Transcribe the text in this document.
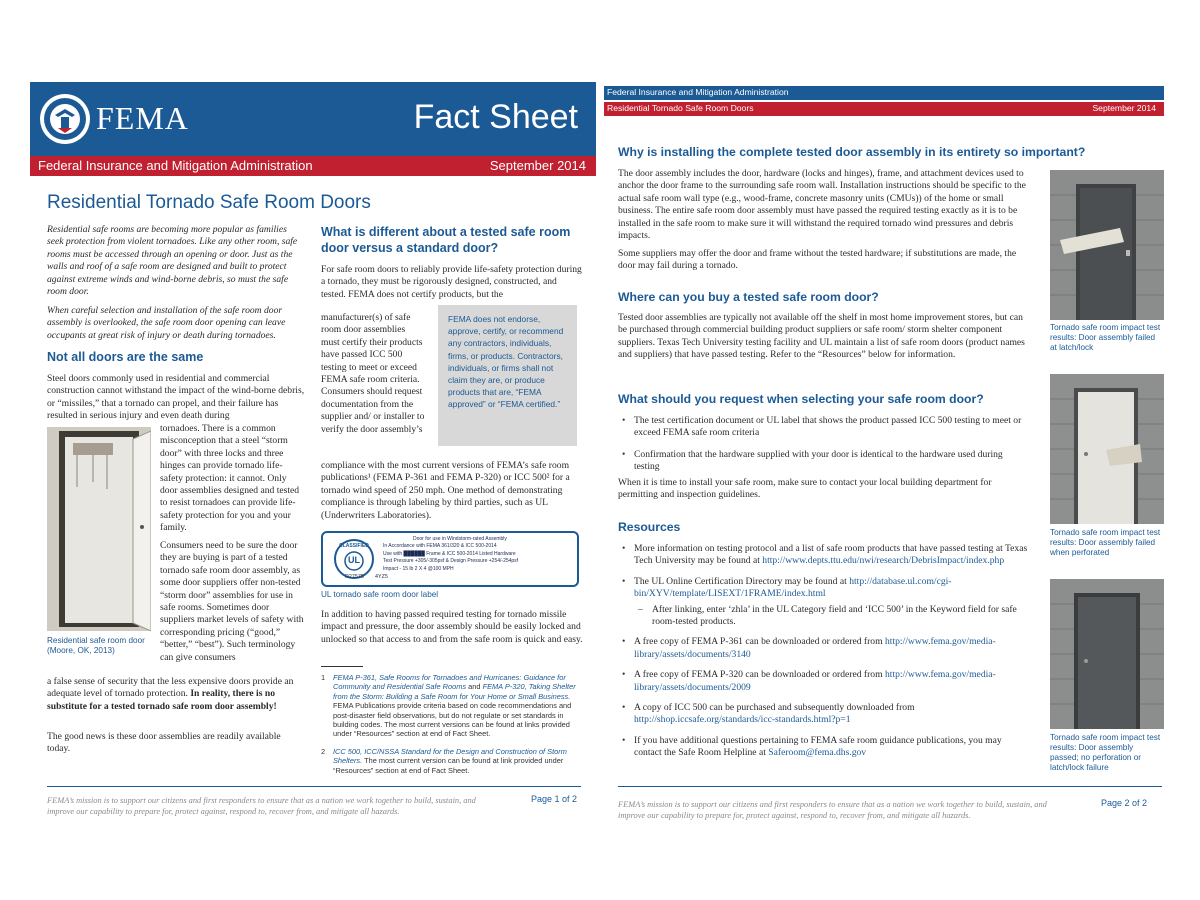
FEMA	Fact Sheet
Federal Insurance and Mitigation Administration	September 2014
Residential Tornado Safe Room Doors

Residential safe rooms are becoming more popular as families seek protection from violent tornadoes. Like any other room, safe rooms must be accessed through an opening or door. Just as the walls and roof of a safe room are designed and built to protect against extreme winds and wind-borne debris, so must the safe room door.

When careful selection and installation of the safe room door assembly is overlooked, the safe room door opening can leave occupants at great risk of injury or death during tornadoes.

Not all doors are the same

Steel doors commonly used in residential and commercial construction cannot withstand the impact of the wind-borne debris, or “missiles,” that a tornado can propel, and their failure has resulted in serious injury and even death during

Residential safe room door (Moore, OK, 2013)

tornadoes. There is a common misconception that a steel “storm door” with three locks and three hinges can provide tornado life-safety protection: it cannot. Only door assemblies designed and tested to resist tornadoes can provide life-safety protection for you and your family.

Consumers need to be sure the door they are buying is part of a tested tornado safe room door assembly, as some door suppliers offer non-tested “storm door” assemblies for use in safe rooms. Sometimes door suppliers market levels of safety with corresponding pricing (“good,” “better,” “best”). Such terminology can give consumers

a false sense of security that the less expensive doors provide an adequate level of tornado protection. In reality, there is no substitute for a tested tornado safe room door assembly!

The good news is these door assemblies are readily available today.

What is different about a tested safe room door versus a standard door?

For safe room doors to reliably provide life-safety protection during a tornado, they must be rigorously designed, constructed, and tested. FEMA does not certify products, but the

manufacturer(s) of safe room door assemblies must certify their products have passed ICC 500 testing to meet or exceed FEMA safe room criteria. Consumers should request documentation from the supplier and/ or installer to verify the door assembly’s

FEMA does not endorse, approve, certify, or recommend any contractors, individuals, firms, or products. Contractors, individuals, or firms shall not claim they are, or produce products that are, “FEMA approved” or “FEMA certified.”

compliance with the most current versions of FEMA’s safe room publications¹ (FEMA P-361 and FEMA P-320) or ICC 500² for a tornado wind speed of 250 mph. One method of demonstrating compliance is through labeling by third parties, such as UL (Underwriters Laboratories).

CLASSIFIED
UL
Door for use in Windstorm-rated Assembly
In Accordance with FEMA 361/320 & ICC 500-2014
Use with ██████ Frame & ICC 500-2014 Listed Hardware
Test Pressure +305/-305psf & Design Pressure +254/-254psf
Impact - 15 lb 2 X 4 @100 MPH
R27575 4YZ5
UL tornado safe room door label

In addition to having passed required testing for tornado missile impact and pressure, the door assembly should be easily locked and unlocked so that access to and from the safe room is quick and easy.

1 FEMA P-361, Safe Rooms for Tornadoes and Hurricanes: Guidance for Community and Residential Safe Rooms and FEMA P-320, Taking Shelter from the Storm: Building a Safe Room for Your Home or Small Business. FEMA Publications provide criteria based on code recommendations and post-disaster field observations, but do not regulate or set standards in building codes. The most current versions can be found at links provided under “Resources” section at end of Fact Sheet.
2 ICC 500, ICC/NSSA Standard for the Design and Construction of Storm Shelters. The most current version can be found at link provided under “Resources” section at end of Fact Sheet.

FEMA’s mission is to support our citizens and first responders to ensure that as a nation we work together to build, sustain, and improve our capability to prepare for, protect against, respond to, recover from, and mitigate all hazards.

Page 1 of 2
Federal Insurance and Mitigation Administration
Residential Tornado Safe Room Doors	September 2014
Why is installing the complete tested door assembly in its entirety so important?

The door assembly includes the door, hardware (locks and hinges), frame, and attachment devices used to anchor the door frame to the surrounding safe room wall. Installation instructions should be specific to the actual safe room wall type (e.g., wood-frame, concrete masonry units (CMUs)) of the home or small business. The entire safe room door assembly must have passed the required testing exactly as it is to be installed in the safe room to make sure it will withstand the required tornado wind pressures and debris impacts.

Some suppliers may offer the door and frame without the tested hardware; if substitutions are made, the door may fail during a tornado.

Where can you buy a tested safe room door?

Tested door assemblies are typically not available off the shelf in most home improvement stores, but can be purchased through commercial building product suppliers or safe room/ storm shelter component suppliers. Texas Tech University testing facility and UL maintain a list of safe room doors (product names and suppliers) that have passed testing. Refer to the “Resources” below for information.

What should you request when selecting your safe room door?
• The test certification document or UL label that shows the product passed ICC 500 testing to meet or exceed FEMA safe room criteria
• Confirmation that the hardware supplied with your door is identical to the hardware used during testing

When it is time to install your safe room, make sure to contact your local building department for permitting and inspection guidelines.

Resources
• More information on testing protocol and a list of safe room products that have passed testing at Texas Tech University may be found at http://www.depts.ttu.edu/nwi/research/DebrisImpact/index.php
• The UL Online Certification Directory may be found at http://database.ul.com/cgi-bin/XYV/template/LISEXT/1FRAME/index.html
– After linking, enter ‘zhla’ in the UL Category field and ‘ICC 500’ in the Keyword field for safe room-tested products.
• A free copy of FEMA P-361 can be downloaded or ordered from http://www.fema.gov/media-library/assets/documents/3140
• A free copy of FEMA P-320 can be downloaded or ordered from http://www.fema.gov/media-library/assets/documents/2009
• A copy of ICC 500 can be purchased and subsequently downloaded from http://shop.iccsafe.org/standards/icc-standards.html?p=1
• If you have additional questions pertaining to FEMA safe room guidance publications, you may contact the Safe Room Helpline at Saferoom@fema.dhs.gov
Tornado safe room impact test results: Door assembly failed at latch/lock
Tornado safe room impact test results: Door assembly failed when perforated
Tornado safe room impact test results: Door assembly passed; no perforation or latch/lock failure

FEMA’s mission is to support our citizens and first responders to ensure that as a nation we work together to build, sustain, and improve our capability to prepare for, protect against, respond to, recover from, and mitigate all hazards.

Page 2 of 2
